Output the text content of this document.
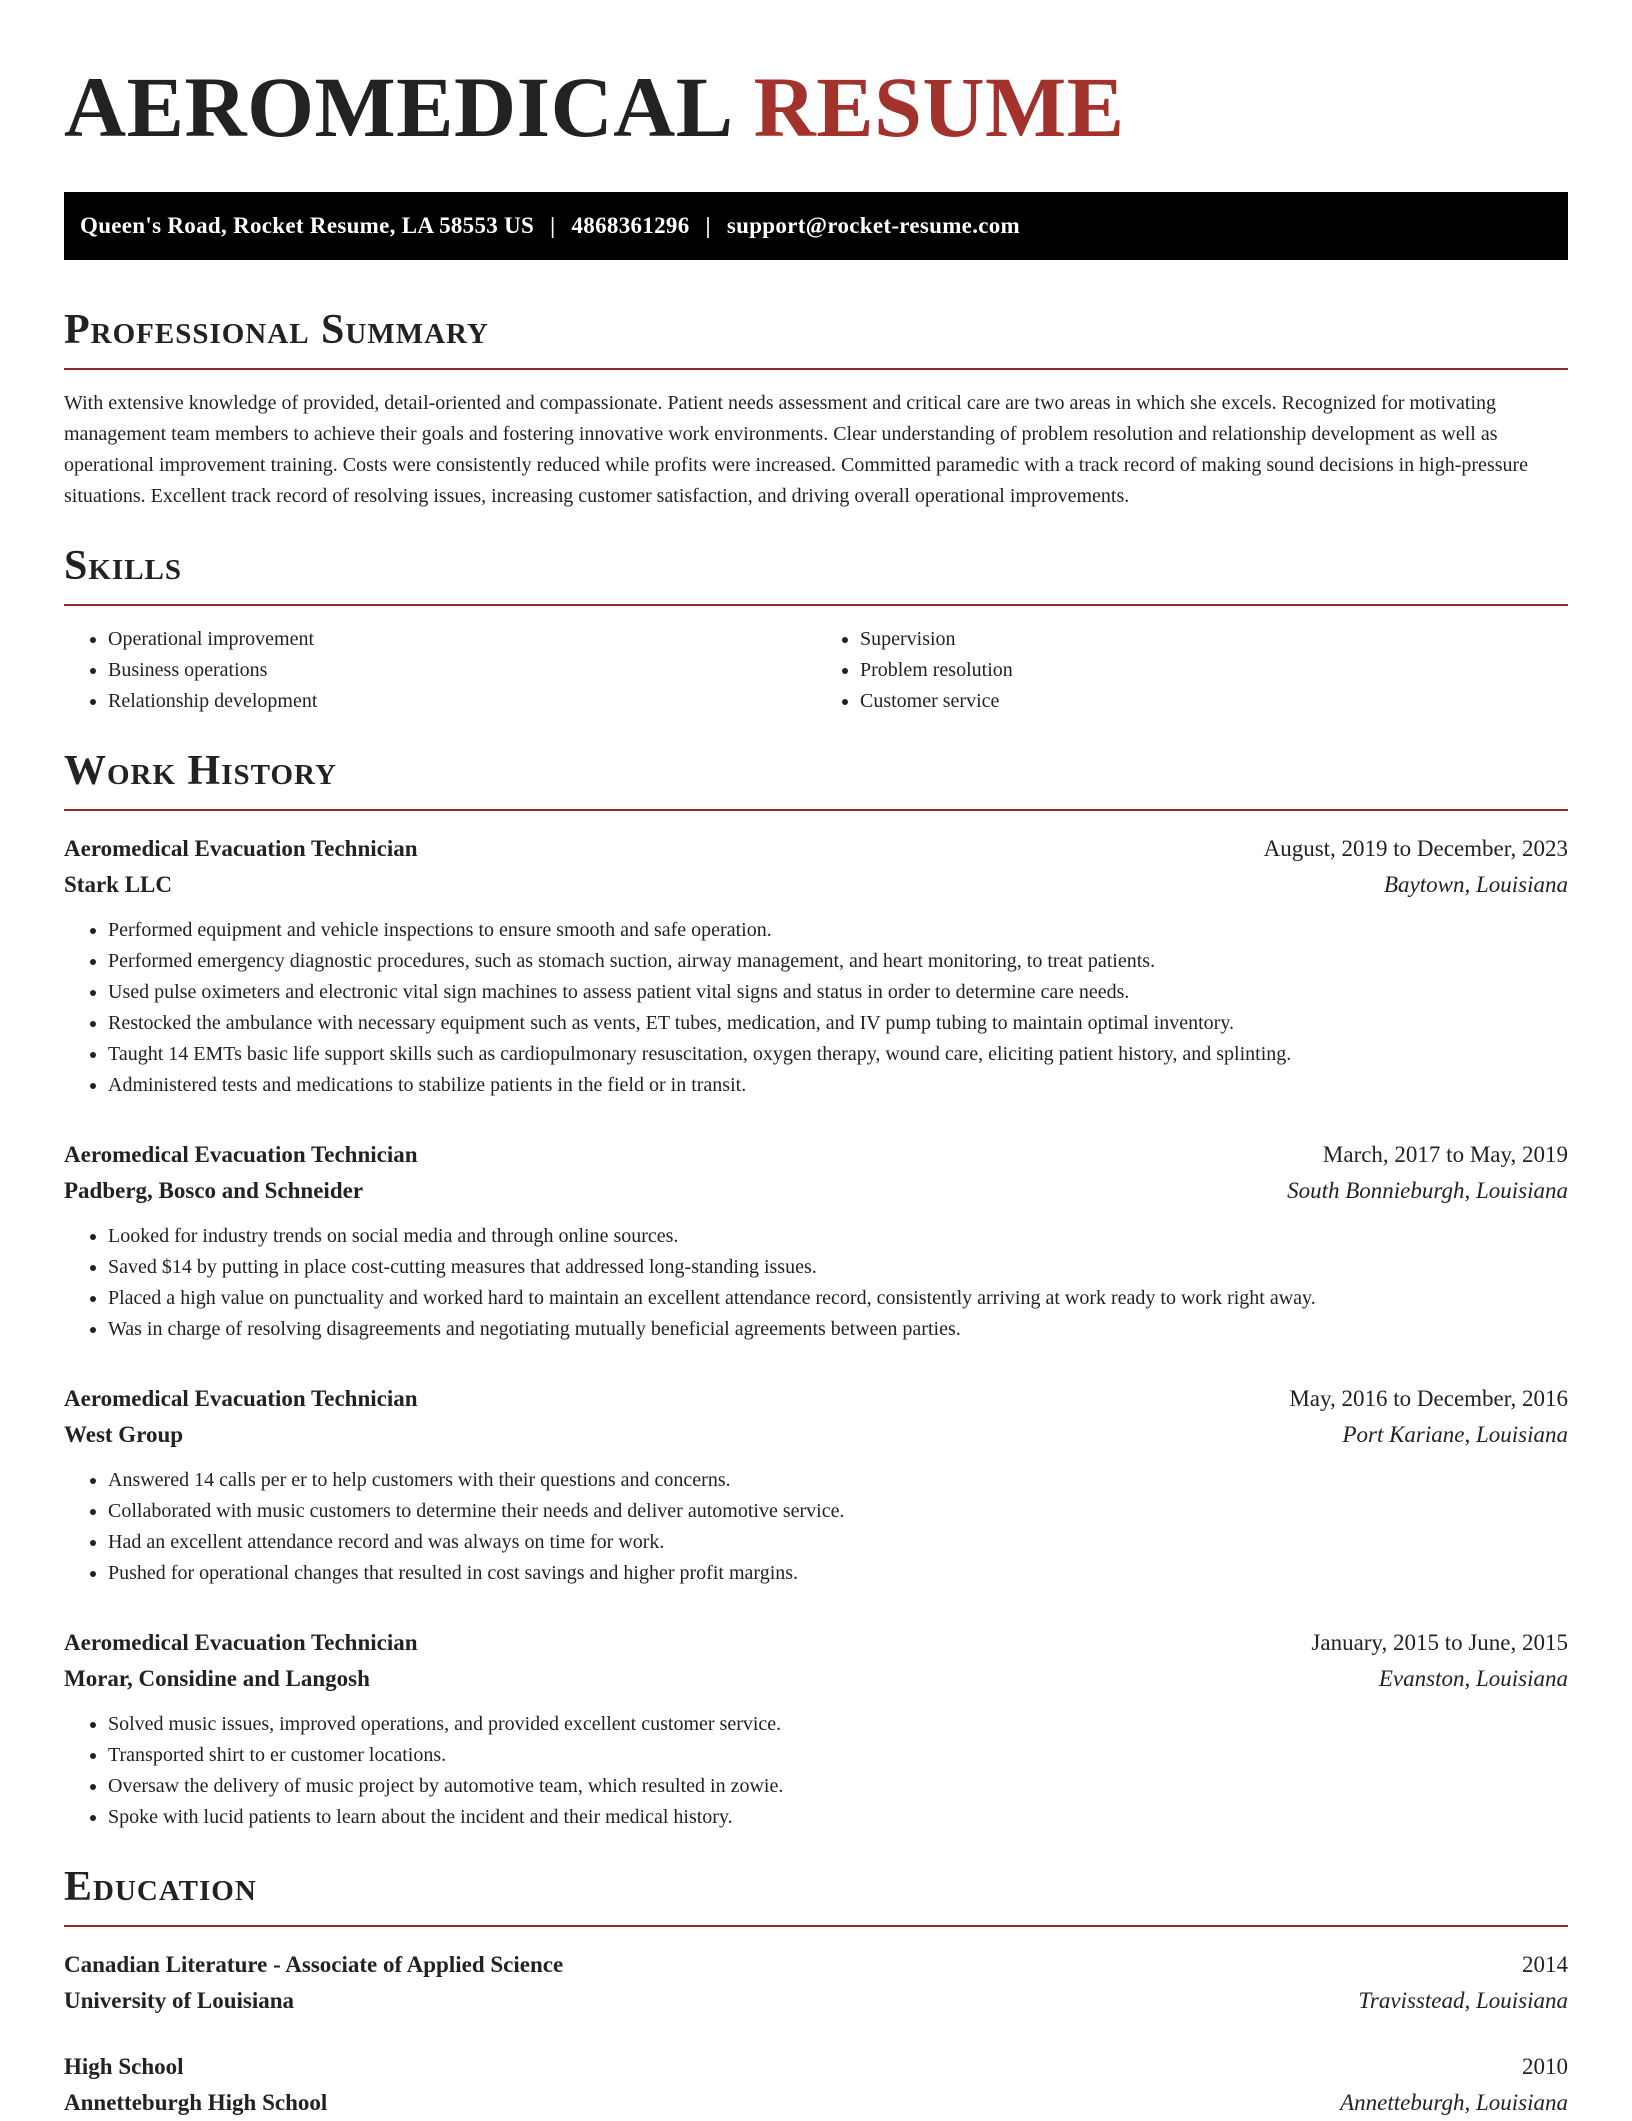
AEROMEDICAL RESUME
Queen's Road, Rocket Resume, LA 58553 US | 4868361296 | support@rocket-resume.com
Professional Summary
With extensive knowledge of provided, detail-oriented and compassionate. Patient needs assessment and critical care are two areas in which she excels. Recognized for motivating management team members to achieve their goals and fostering innovative work environments. Clear understanding of problem resolution and relationship development as well as operational improvement training. Costs were consistently reduced while profits were increased. Committed paramedic with a track record of making sound decisions in high-pressure situations. Excellent track record of resolving issues, increasing customer satisfaction, and driving overall operational improvements.
Skills
• Operational improvement
• Business operations
• Relationship development
• Supervision
• Problem resolution
• Customer service
Work History
Aeromedical Evacuation Technician	August, 2019 to December, 2023
Stark LLC	Baytown, Louisiana
• Performed equipment and vehicle inspections to ensure smooth and safe operation.
• Performed emergency diagnostic procedures, such as stomach suction, airway management, and heart monitoring, to treat patients.
• Used pulse oximeters and electronic vital sign machines to assess patient vital signs and status in order to determine care needs.
• Restocked the ambulance with necessary equipment such as vents, ET tubes, medication, and IV pump tubing to maintain optimal inventory.
• Taught 14 EMTs basic life support skills such as cardiopulmonary resuscitation, oxygen therapy, wound care, eliciting patient history, and splinting.
• Administered tests and medications to stabilize patients in the field or in transit.
Aeromedical Evacuation Technician	March, 2017 to May, 2019
Padberg, Bosco and Schneider	South Bonnieburgh, Louisiana
• Looked for industry trends on social media and through online sources.
• Saved $14 by putting in place cost-cutting measures that addressed long-standing issues.
• Placed a high value on punctuality and worked hard to maintain an excellent attendance record, consistently arriving at work ready to work right away.
• Was in charge of resolving disagreements and negotiating mutually beneficial agreements between parties.
Aeromedical Evacuation Technician	May, 2016 to December, 2016
West Group	Port Kariane, Louisiana
• Answered 14 calls per er to help customers with their questions and concerns.
• Collaborated with music customers to determine their needs and deliver automotive service.
• Had an excellent attendance record and was always on time for work.
• Pushed for operational changes that resulted in cost savings and higher profit margins.
Aeromedical Evacuation Technician	January, 2015 to June, 2015
Morar, Considine and Langosh	Evanston, Louisiana
• Solved music issues, improved operations, and provided excellent customer service.
• Transported shirt to er customer locations.
• Oversaw the delivery of music project by automotive team, which resulted in zowie.
• Spoke with lucid patients to learn about the incident and their medical history.
Education
Canadian Literature - Associate of Applied Science	2014
University of Louisiana	Travisstead, Louisiana
High School	2010
Annetteburgh High School	Annetteburgh, Louisiana
